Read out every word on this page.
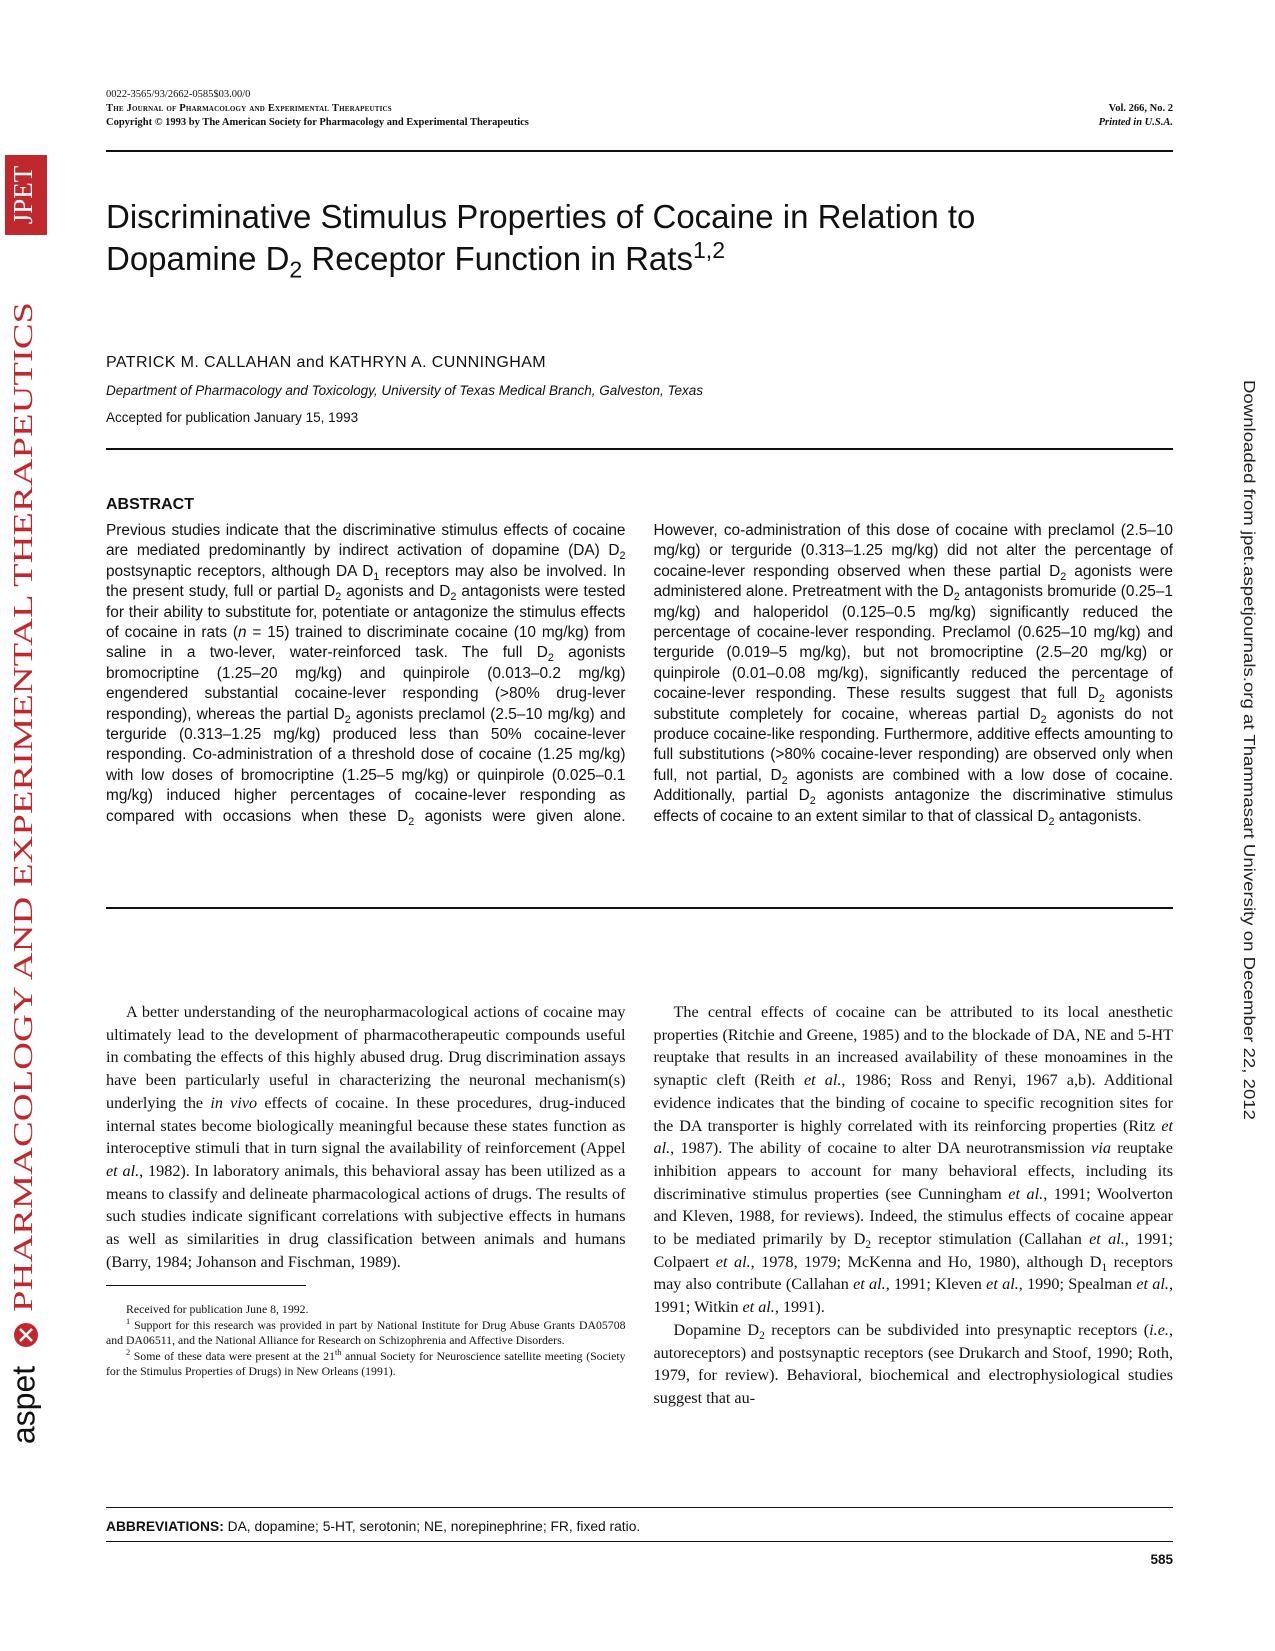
0022-3565/93/2662-0585$03.00/0
The Journal of Pharmacology and Experimental Therapeutics
Copyright © 1993 by The American Society for Pharmacology and Experimental Therapeutics
Vol. 266, No. 2
Printed in U.S.A.
Discriminative Stimulus Properties of Cocaine in Relation to
Dopamine $D_2$ Receptor Function in Rats$^{1,2}$
PATRICK M. CALLAHAN and KATHRYN A. CUNNINGHAM
Department of Pharmacology and Toxicology, University of Texas Medical Branch, Galveston, Texas
Accepted for publication January 15, 1993
ABSTRACT
Previous studies indicate that the discriminative stimulus effects of cocaine are mediated predominantly by indirect activation of dopamine (DA) $D_2$ postsynaptic receptors, although DA $D_1$ receptors may also be involved. In the present study, full or partial $D_2$ agonists and $D_2$ antagonists were tested for their ability to substitute for, potentiate or antagonize the stimulus effects of cocaine in rats (n = 15) trained to discriminate cocaine (10 mg/kg) from saline in a two-lever, water-reinforced task. The full $D_2$ agonists bromocriptine (1.25–20 mg/kg) and quinpirole (0.013–0.2 mg/kg) engendered substantial cocaine-lever responding (>80% drug-lever responding), whereas the partial $D_2$ agonists preclamol (2.5–10 mg/kg) and terguride (0.313–1.25 mg/kg) produced less than 50% cocaine-lever responding. Co-administration of a threshold dose of cocaine (1.25 mg/kg) with low doses of bromocriptine (1.25–5 mg/kg) or quinpirole (0.025–0.1 mg/kg) induced higher percentages of cocaine-lever responding as compared with occasions when these $D_2$ agonists were given alone. However, co-administration of this dose of cocaine with preclamol (2.5–10 mg/kg) or terguride (0.313–1.25 mg/kg) did not alter the percentage of cocaine-lever responding observed when these partial $D_2$ agonists were administered alone. Pretreatment with the $D_2$ antagonists bromuride (0.25–1 mg/kg) and haloperidol (0.125–0.5 mg/kg) significantly reduced the percentage of cocaine-lever responding. Preclamol (0.625–10 mg/kg) and terguride (0.019–5 mg/kg), but not bromocriptine (2.5–20 mg/kg) or quinpirole (0.01–0.08 mg/kg), significantly reduced the percentage of cocaine-lever responding. These results suggest that full $D_2$ agonists substitute completely for cocaine, whereas partial $D_2$ agonists do not produce cocaine-like responding. Furthermore, additive effects amounting to full substitutions (>80% cocaine-lever responding) are observed only when full, not partial, $D_2$ agonists are combined with a low dose of cocaine. Additionally, partial $D_2$ agonists antagonize the discriminative stimulus effects of cocaine to an extent similar to that of classical $D_2$ antagonists.

A better understanding of the neuropharmacological actions of cocaine may ultimately lead to the development of pharmacotherapeutic compounds useful in combating the effects of this highly abused drug. Drug discrimination assays have been particularly useful in characterizing the neuronal mechanism(s) underlying the in vivo effects of cocaine. In these procedures, drug-induced internal states become biologically meaningful because these states function as interoceptive stimuli that in turn signal the availability of reinforcement (Appel et al., 1982). In laboratory animals, this behavioral assay has been utilized as a means to classify and delineate pharmacological actions of drugs. The results of such studies indicate significant correlations with subjective effects in humans as well as similarities in drug classification between animals and humans (Barry, 1984; Johanson and Fischman, 1989).

Received for publication June 8, 1992.

$^1$ Support for this research was provided in part by National Institute for Drug Abuse Grants DA05708 and DA06511, and the National Alliance for Research on Schizophrenia and Affective Disorders.

$^2$ Some of these data were present at the 21th annual Society for Neuroscience satellite meeting (Society for the Stimulus Properties of Drugs) in New Orleans (1991).

The central effects of cocaine can be attributed to its local anesthetic properties (Ritchie and Greene, 1985) and to the blockade of DA, NE and 5-HT reuptake that results in an increased availability of these monoamines in the synaptic cleft (Reith et al., 1986; Ross and Renyi, 1967 a,b). Additional evidence indicates that the binding of cocaine to specific recognition sites for the DA transporter is highly correlated with its reinforcing properties (Ritz et al., 1987). The ability of cocaine to alter DA neurotransmission via reuptake inhibition appears to account for many behavioral effects, including its discriminative stimulus properties (see Cunningham et al., 1991; Woolverton and Kleven, 1988, for reviews). Indeed, the stimulus effects of cocaine appear to be mediated primarily by $D_2$ receptor stimulation (Callahan et al., 1991; Colpaert et al., 1978, 1979; McKenna and Ho, 1980), although $D_1$ receptors may also contribute (Callahan et al., 1991; Kleven et al., 1990; Spealman et al., 1991; Witkin et al., 1991).

Dopamine $D_2$ receptors can be subdivided into presynaptic receptors (i.e., autoreceptors) and postsynaptic receptors (see Drukarch and Stoof, 1990; Roth, 1979, for review). Behavioral, biochemical and electrophysiological studies suggest that au-

ABBREVIATIONS: DA, dopamine; 5-HT, serotonin; NE, norepinephrine; FR, fixed ratio.
585
JPET
PHARMACOLOGY AND EXPERIMENTAL THERAPEUTICS
aspet
Downloaded from jpet.aspetjournals.org at Thammasart University on December 22, 2012
